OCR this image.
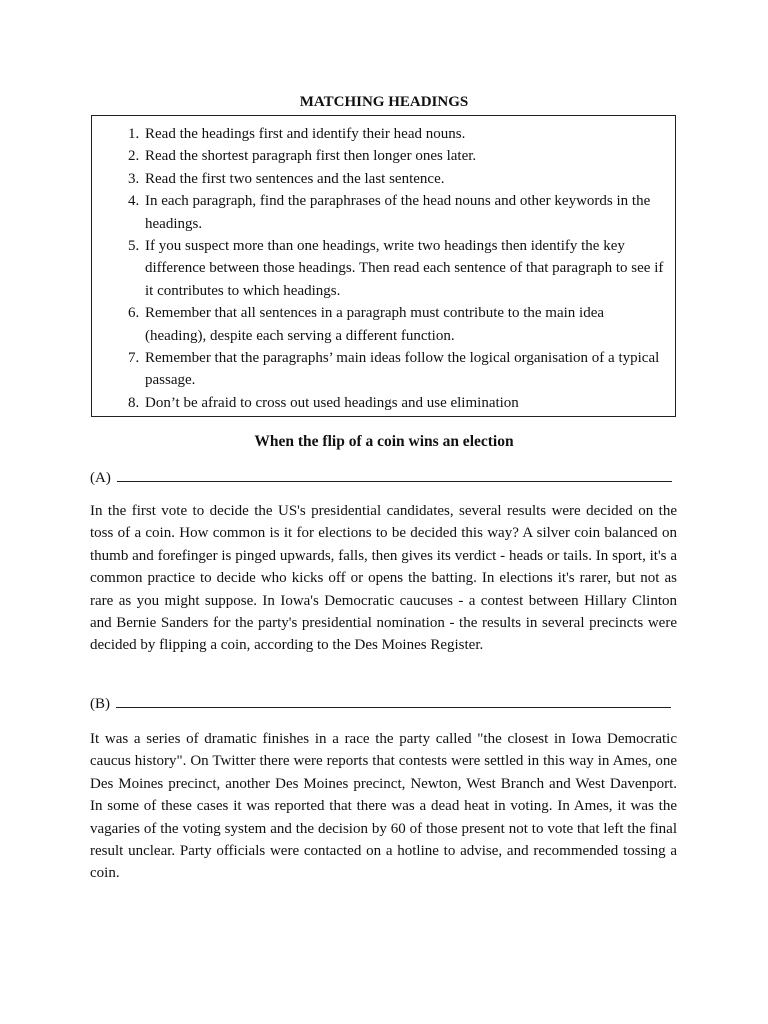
MATCHING HEADINGS
1. Read the headings first and identify their head nouns.
2. Read the shortest paragraph first then longer ones later.
3. Read the first two sentences and the last sentence.
4. In each paragraph, find the paraphrases of the head nouns and other keywords in the headings.
5. If you suspect more than one headings, write two headings then identify the key difference between those headings. Then read each sentence of that paragraph to see if it contributes to which headings.
6. Remember that all sentences in a paragraph must contribute to the main idea (heading), despite each serving a different function.
7. Remember that the paragraphs’ main ideas follow the logical organisation of a typical passage.
8. Don’t be afraid to cross out used headings and use elimination
When the flip of a coin wins an election
(A)

In the first vote to decide the US's presidential candidates, several results were decided on the toss of a coin. How common is it for elections to be decided this way? A silver coin balanced on thumb and forefinger is pinged upwards, falls, then gives its verdict - heads or tails. In sport, it's a common practice to decide who kicks off or opens the batting. In elections it's rarer, but not as rare as you might suppose. In Iowa's Democratic caucuses - a contest between Hillary Clinton and Bernie Sanders for the party's presidential nomination - the results in several precincts were decided by flipping a coin, according to the Des Moines Register.

(B)

It was a series of dramatic finishes in a race the party called "the closest in Iowa Democratic caucus history". On Twitter there were reports that contests were settled in this way in Ames, one Des Moines precinct, another Des Moines precinct, Newton, West Branch and West Davenport. In some of these cases it was reported that there was a dead heat in voting. In Ames, it was the vagaries of the voting system and the decision by 60 of those present not to vote that left the final result unclear. Party officials were contacted on a hotline to advise, and recommended tossing a coin.
